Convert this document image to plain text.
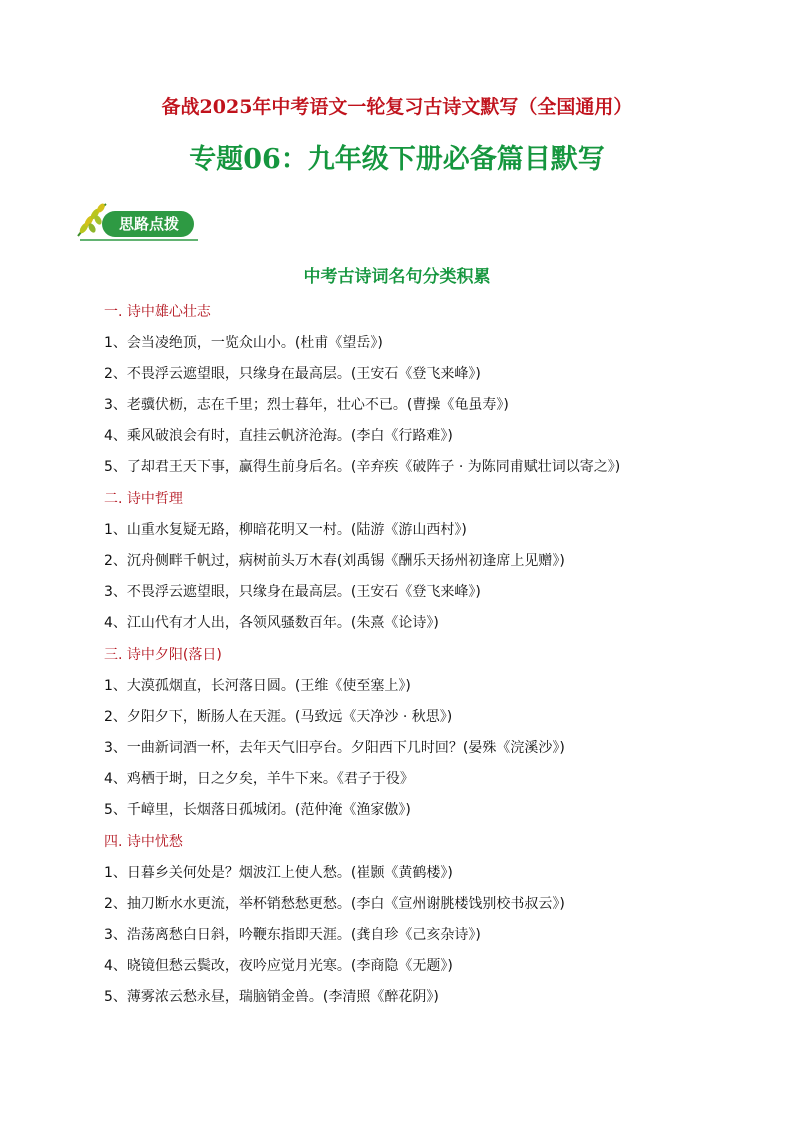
备战2025年中考语文一轮复习古诗文默写（全国通用）
专题06：九年级下册必备篇目默写
思路点拨
中考古诗词名句分类积累
一. 诗中雄心壮志
1、会当凌绝顶，一览众山小。(杜甫《望岳》)
2、不畏浮云遮望眼，只缘身在最高层。(王安石《登飞来峰》)
3、老骥伏枥，志在千里；烈士暮年，壮心不已。(曹操《龟虽寿》)
4、乘风破浪会有时，直挂云帆济沧海。(李白《行路难》)
5、了却君王天下事，赢得生前身后名。(辛弃疾《破阵子 · 为陈同甫赋壮词以寄之》)
二. 诗中哲理
1、山重水复疑无路，柳暗花明又一村。(陆游《游山西村》)
2、沉舟侧畔千帆过，病树前头万木春(刘禹锡《酬乐天扬州初逢席上见赠》)
3、不畏浮云遮望眼，只缘身在最高层。(王安石《登飞来峰》)
4、江山代有才人出，各领风骚数百年。(朱熹《论诗》)
三. 诗中夕阳(落日)
1、大漠孤烟直，长河落日圆。(王维《使至塞上》)
2、夕阳夕下，断肠人在天涯。(马致远《天净沙 · 秋思》)
3、一曲新词酒一杯，去年天气旧亭台。夕阳西下几时回？(晏殊《浣溪沙》)
4、鸡栖于埘，日之夕矣，羊牛下来。《君子于役》
5、千嶂里，长烟落日孤城闭。(范仲淹《渔家傲》)
四. 诗中忧愁
1、日暮乡关何处是？烟波江上使人愁。(崔颢《黄鹤楼》)
2、抽刀断水水更流，举杯销愁愁更愁。(李白《宣州谢朓楼饯别校书叔云》)
3、浩荡离愁白日斜，吟鞭东指即天涯。(龚自珍《己亥杂诗》)
4、晓镜但愁云鬓改，夜吟应觉月光寒。(李商隐《无题》)
5、薄雾浓云愁永昼，瑞脑销金兽。(李清照《醉花阴》)
